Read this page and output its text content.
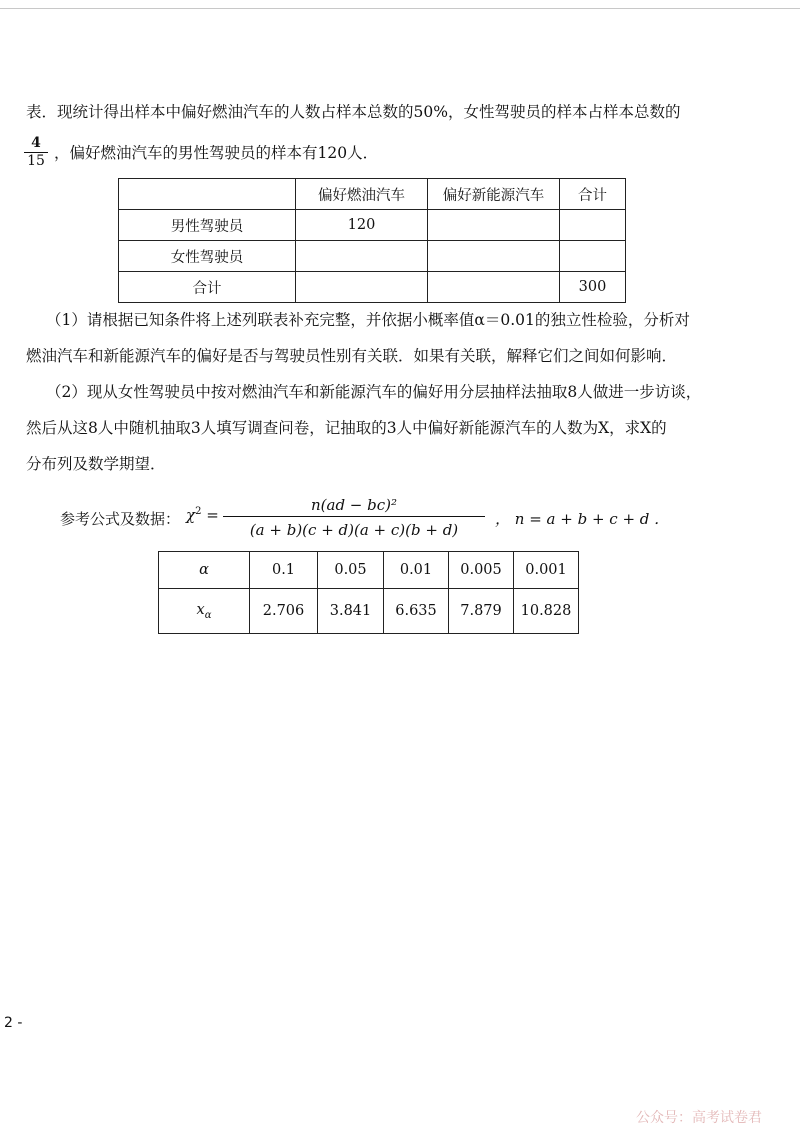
表．现统计得出样本中偏好燃油汽车的人数占样本总数的50%，女性驾驶员的样本占样本总数的
$\frac{4}{15}$ ，偏好燃油汽车的男性驾驶员的样本有120人．
	偏好燃油汽车	偏好新能源汽车	合计
男性驾驶员	120		
女性驾驶员			
合计			300
（1）请根据已知条件将上述列联表补充完整，并依据小概率值α＝0.01的独立性检验，分析对
燃油汽车和新能源汽车的偏好是否与驾驶员性别有关联．如果有关联，解释它们之间如何影响．
（2）现从女性驾驶员中按对燃油汽车和新能源汽车的偏好用分层抽样法抽取8人做进一步访谈，
然后从这8人中随机抽取3人填写调查问卷，记抽取的3人中偏好新能源汽车的人数为X，求X的
分布列及数学期望．
参考公式及数据： $\chi^2$ =
n(ad − bc)²
(a + b)(c + d)(a + c)(b + d)
， n = a + b + c + d ．
α	0.1	0.05	0.01	0.005	0.001
$x_\alpha$	2.706	3.841	6.635	7.879	10.828
2 -
公众号：高考试卷君
